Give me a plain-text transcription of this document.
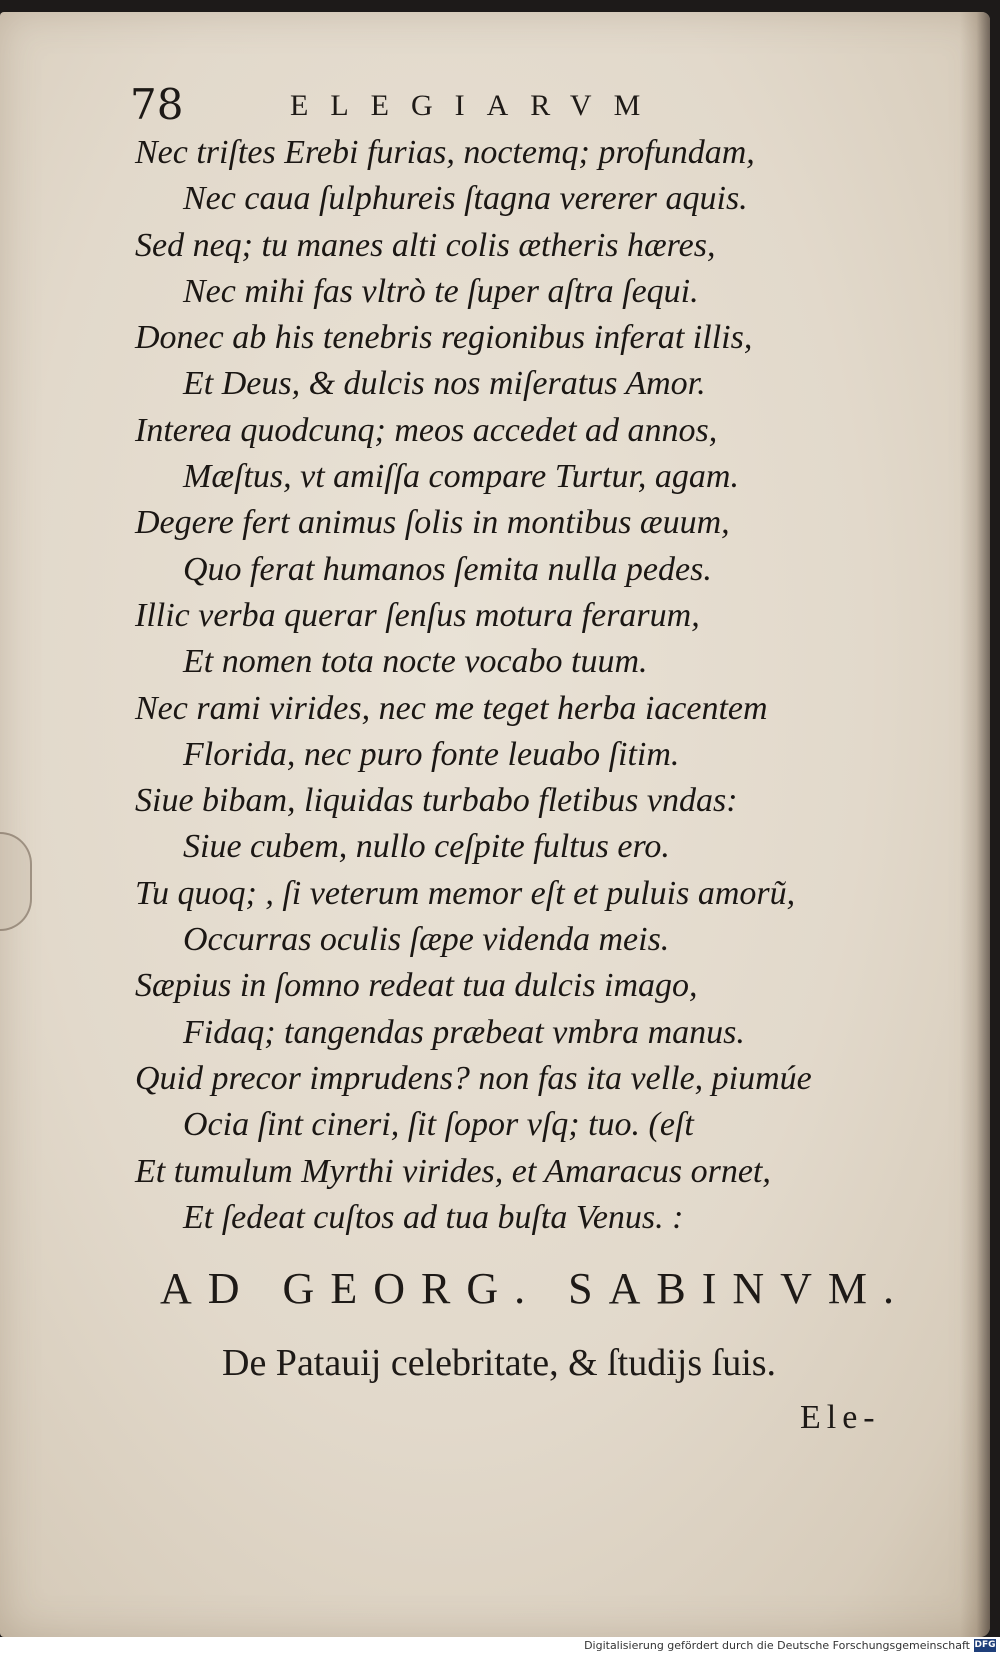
78	ELEGIARVM
Nec triſtes Erebi furias, noctemq; profundam,
Nec caua ſulphureis ſtagna vererer aquis.
Sed neq; tu manes alti colis ætheris hæres,
Nec mihi fas vltrò te ſuper aſtra ſequi.
Donec ab his tenebris regionibus inferat illis,
Et Deus, & dulcis nos miſeratus Amor.
Interea quodcunq; meos accedet ad annos,
Mæſtus, vt amiſſa compare Turtur, agam.
Degere fert animus ſolis in montibus æuum,
Quo ferat humanos ſemita nulla pedes.
Illic verba querar ſenſus motura ferarum,
Et nomen tota nocte vocabo tuum.
Nec rami virides, nec me teget herba iacentem
Florida, nec puro fonte leuabo ſitim.
Siue bibam, liquidas turbabo fletibus vndas:
Siue cubem, nullo ceſpite fultus ero.
Tu quoq; , ſi veterum memor eſt et puluis amorũ,
Occurras oculis ſæpe videnda meis.
Sæpius in ſomno redeat tua dulcis imago,
Fidaq; tangendas præbeat vmbra manus.
Quid precor imprudens? non fas ita velle, piumúe
Ocia ſint cineri, ſit ſopor vſq; tuo. (eſt
Et tumulum Myrthi virides, et Amaracus ornet,
Et ſedeat cuſtos ad tua buſta Venus. :
AD GEORG. SABINVM.
De Patauij celebritate, & ſtudijs ſuis.
Ele-
Digitalisierung gefördert durch die Deutsche Forschungsgemeinschaft DFG
